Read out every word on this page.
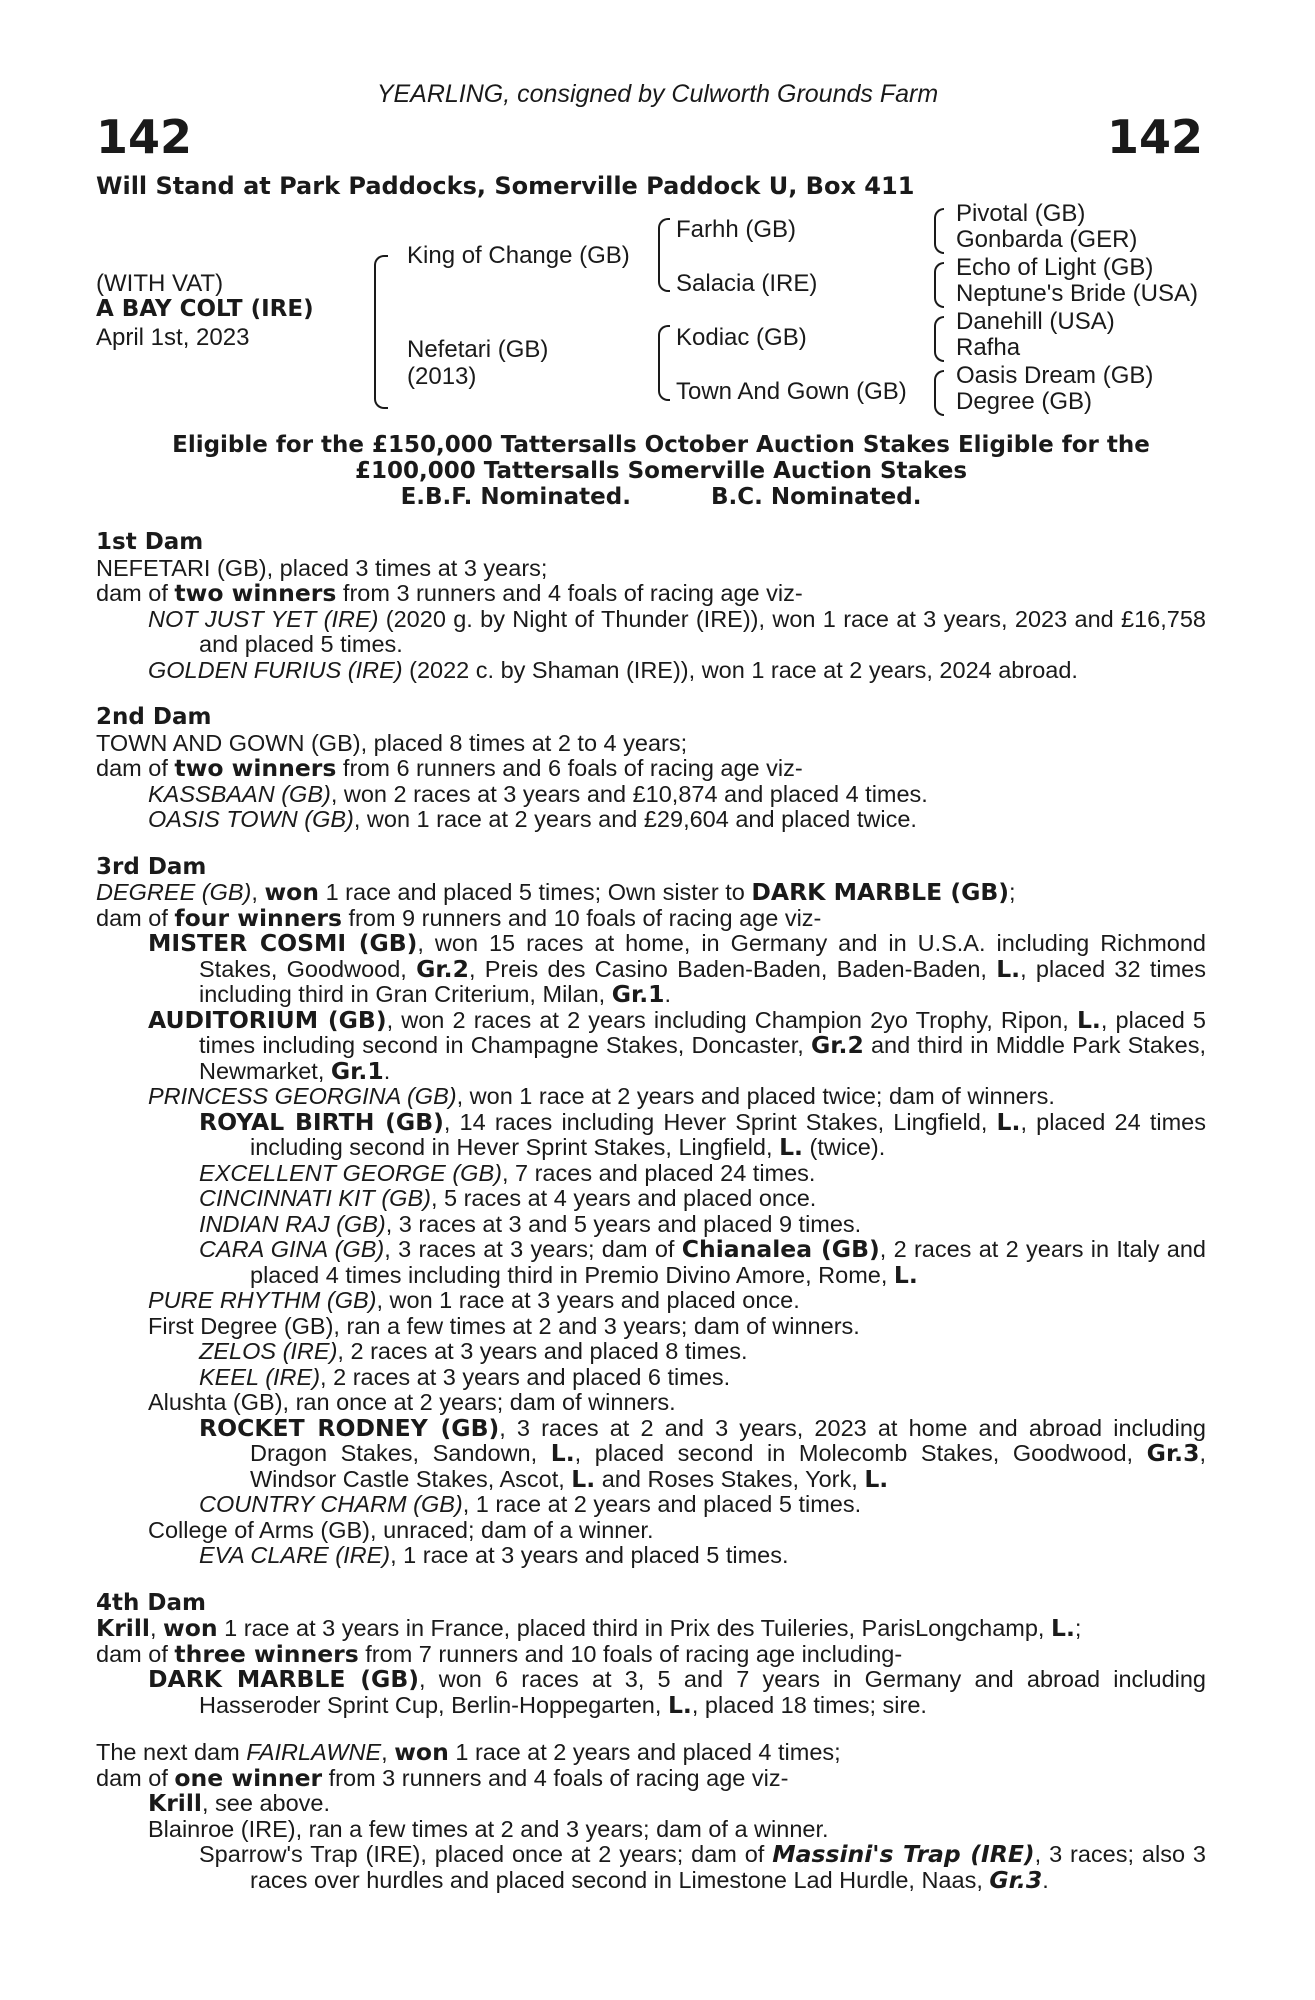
YEARLING, consigned by Culworth Grounds Farm
142	142
Will Stand at Park Paddocks, Somerville Paddock U, Box 411
(WITH VAT)
A BAY COLT (IRE)
April 1st, 2023
King of Change (GB)
Nefetari (GB)
(2013)
Farhh (GB)
Salacia (IRE)
Kodiac (GB)
Town And Gown (GB)
Pivotal (GB)
Gonbarda (GER)
Echo of Light (GB)
Neptune's Bride (USA)
Danehill (USA)
Rafha
Oasis Dream (GB)
Degree (GB)
Eligible for the £150,000 Tattersalls October Auction Stakes Eligible for the
£100,000 Tattersalls Somerville Auction Stakes
E.B.F. Nominated.	B.C. Nominated.
1st Dam
NEFETARI (GB), placed 3 times at 3 years;
dam of two winners from 3 runners and 4 foals of racing age viz-
NOT JUST YET (IRE) (2020 g. by Night of Thunder (IRE)), won 1 race at 3 years, 2023 and £16,758 and placed 5 times.
GOLDEN FURIUS (IRE) (2022 c. by Shaman (IRE)), won 1 race at 2 years, 2024 abroad.
2nd Dam
TOWN AND GOWN (GB), placed 8 times at 2 to 4 years;
dam of two winners from 6 runners and 6 foals of racing age viz-
KASSBAAN (GB), won 2 races at 3 years and £10,874 and placed 4 times.
OASIS TOWN (GB), won 1 race at 2 years and £29,604 and placed twice.
3rd Dam
DEGREE (GB), won 1 race and placed 5 times; Own sister to DARK MARBLE (GB);
dam of four winners from 9 runners and 10 foals of racing age viz-
MISTER COSMI (GB), won 15 races at home, in Germany and in U.S.A. including Richmond Stakes, Goodwood, Gr.2, Preis des Casino Baden-Baden, Baden-Baden, L., placed 32 times including third in Gran Criterium, Milan, Gr.1.
AUDITORIUM (GB), won 2 races at 2 years including Champion 2yo Trophy, Ripon, L., placed 5 times including second in Champagne Stakes, Doncaster, Gr.2 and third in Middle Park Stakes, Newmarket, Gr.1.
PRINCESS GEORGINA (GB), won 1 race at 2 years and placed twice; dam of winners.
ROYAL BIRTH (GB), 14 races including Hever Sprint Stakes, Lingfield, L., placed 24 times including second in Hever Sprint Stakes, Lingfield, L. (twice).
EXCELLENT GEORGE (GB), 7 races and placed 24 times.
CINCINNATI KIT (GB), 5 races at 4 years and placed once.
INDIAN RAJ (GB), 3 races at 3 and 5 years and placed 9 times.
CARA GINA (GB), 3 races at 3 years; dam of Chianalea (GB), 2 races at 2 years in Italy and placed 4 times including third in Premio Divino Amore, Rome, L.
PURE RHYTHM (GB), won 1 race at 3 years and placed once.
First Degree (GB), ran a few times at 2 and 3 years; dam of winners.
ZELOS (IRE), 2 races at 3 years and placed 8 times.
KEEL (IRE), 2 races at 3 years and placed 6 times.
Alushta (GB), ran once at 2 years; dam of winners.
ROCKET RODNEY (GB), 3 races at 2 and 3 years, 2023 at home and abroad including Dragon Stakes, Sandown, L., placed second in Molecomb Stakes, Goodwood, Gr.3, Windsor Castle Stakes, Ascot, L. and Roses Stakes, York, L.
COUNTRY CHARM (GB), 1 race at 2 years and placed 5 times.
College of Arms (GB), unraced; dam of a winner.
EVA CLARE (IRE), 1 race at 3 years and placed 5 times.
4th Dam
Krill, won 1 race at 3 years in France, placed third in Prix des Tuileries, ParisLongchamp, L.;
dam of three winners from 7 runners and 10 foals of racing age including-
DARK MARBLE (GB), won 6 races at 3, 5 and 7 years in Germany and abroad including Hasseroder Sprint Cup, Berlin-Hoppegarten, L., placed 18 times; sire.
The next dam FAIRLAWNE, won 1 race at 2 years and placed 4 times;
dam of one winner from 3 runners and 4 foals of racing age viz-
Krill, see above.
Blainroe (IRE), ran a few times at 2 and 3 years; dam of a winner.
Sparrow's Trap (IRE), placed once at 2 years; dam of Massini's Trap (IRE), 3 races; also 3 races over hurdles and placed second in Limestone Lad Hurdle, Naas, Gr.3.
